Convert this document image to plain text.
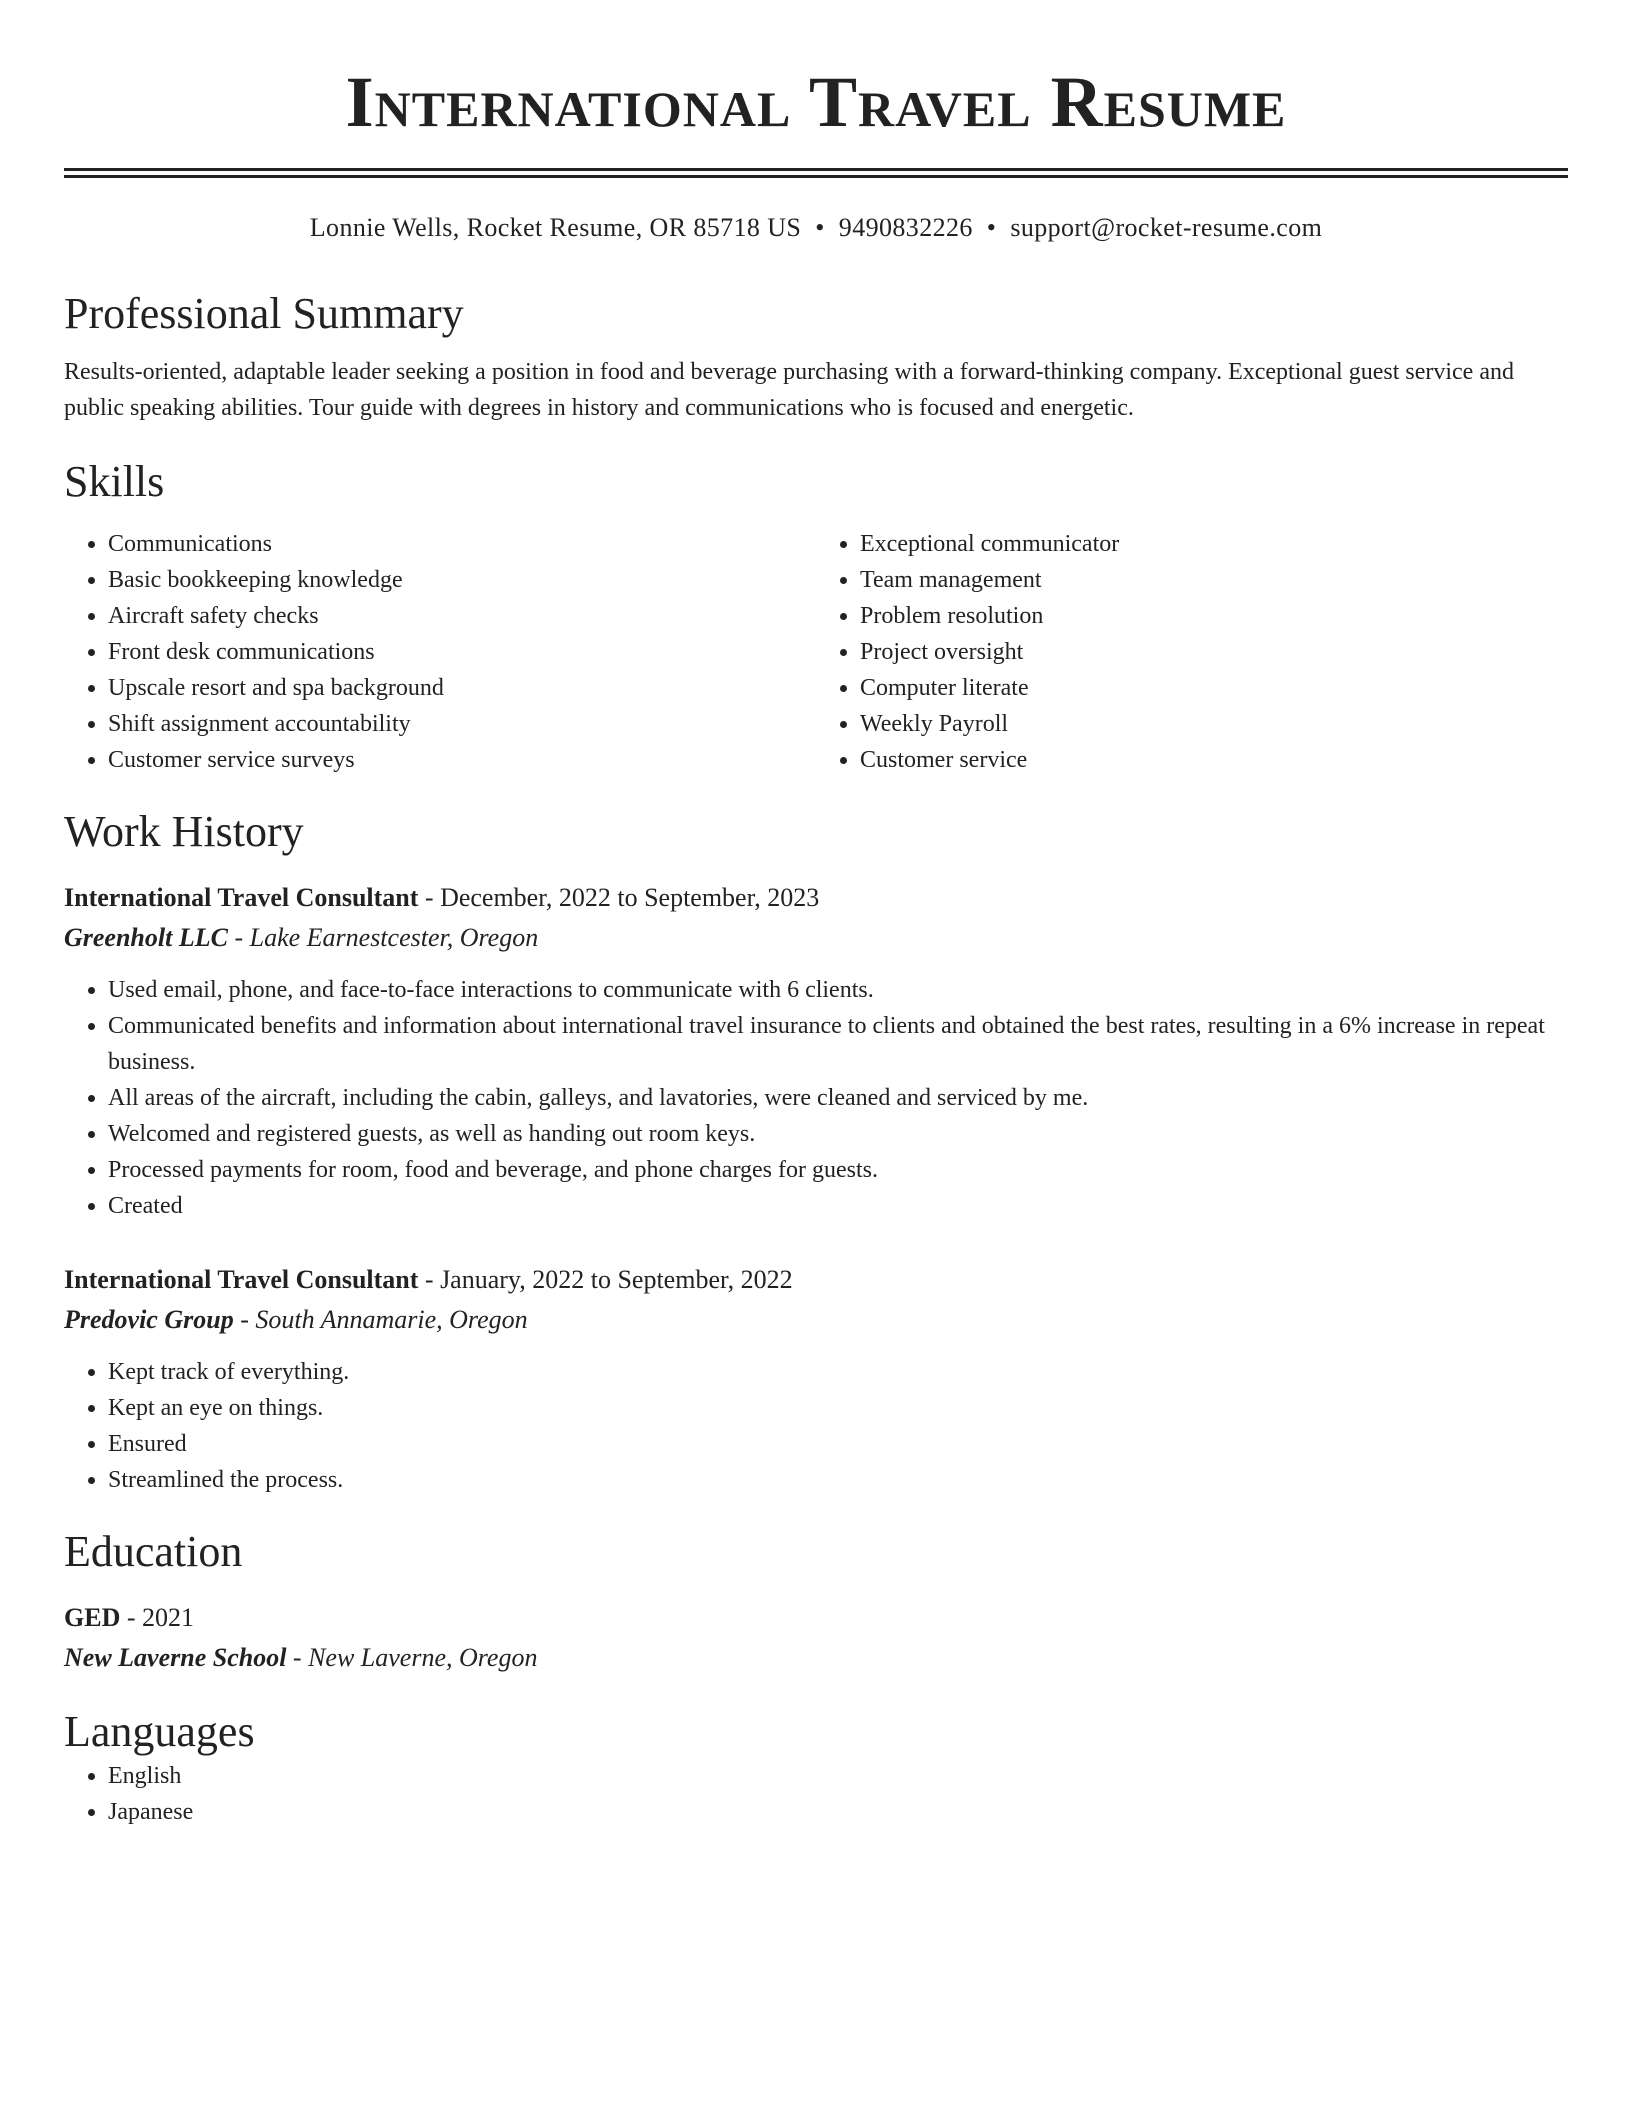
International Travel Resume
Lonnie Wells, Rocket Resume, OR 85718 US • 9490832226 • support@rocket-resume.com
Professional Summary

Results-oriented, adaptable leader seeking a position in food and beverage purchasing with a forward-thinking company. Exceptional guest service and public speaking abilities. Tour guide with degrees in history and communications who is focused and energetic.

Skills
• Communications
• Basic bookkeeping knowledge
• Aircraft safety checks
• Front desk communications
• Upscale resort and spa background
• Shift assignment accountability
• Customer service surveys
• Exceptional communicator
• Team management
• Problem resolution
• Project oversight
• Computer literate
• Weekly Payroll
• Customer service
Work History
International Travel Consultant - December, 2022 to September, 2023
Greenholt LLC - Lake Earnestcester, Oregon
• Used email, phone, and face-to-face interactions to communicate with 6 clients.
• Communicated benefits and information about international travel insurance to clients and obtained the best rates, resulting in a 6% increase in repeat business.
• All areas of the aircraft, including the cabin, galleys, and lavatories, were cleaned and serviced by me.
• Welcomed and registered guests, as well as handing out room keys.
• Processed payments for room, food and beverage, and phone charges for guests.
• Created
International Travel Consultant - January, 2022 to September, 2022
Predovic Group - South Annamarie, Oregon
• Kept track of everything.
• Kept an eye on things.
• Ensured
• Streamlined the process.
Education
GED - 2021
New Laverne School - New Laverne, Oregon
Languages
• English
• Japanese
